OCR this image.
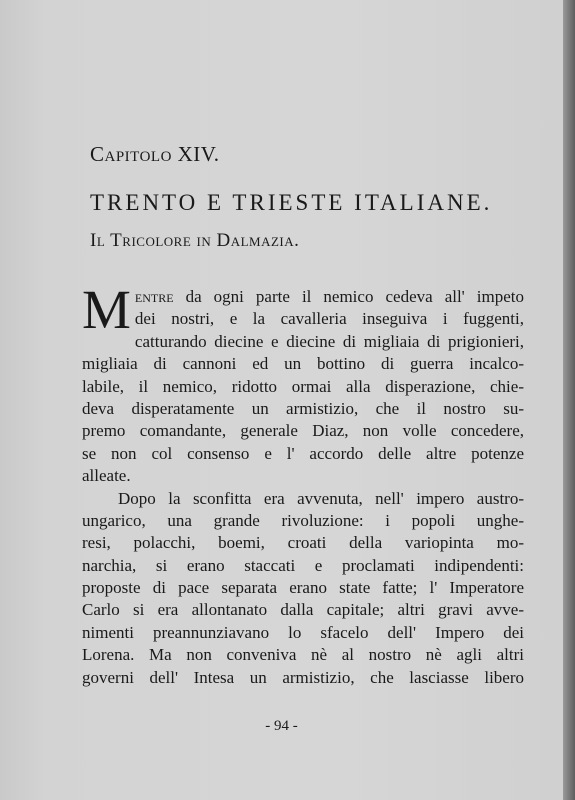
Capitolo XIV.
TRENTO E TRIESTE ITALIANE.
Il Tricolore in Dalmazia.
M entre da ogni parte il nemico cedeva all' impeto
dei nostri, e la cavalleria inseguiva i fuggenti,
catturando diecine e diecine di migliaia di prigionieri,
migliaia di cannoni ed un bottino di guerra incalco-
labile, il nemico, ridotto ormai alla disperazione, chie-
deva disperatamente un armistizio, che il nostro su-
premo comandante, generale Diaz, non volle concedere,
se non col consenso e l' accordo delle altre potenze
alleate.
Dopo la sconfitta era avvenuta, nell' impero austro-
ungarico, una grande rivoluzione: i popoli unghe-
resi, polacchi, boemi, croati della variopinta mo-
narchia, si erano staccati e proclamati indipendenti:
proposte di pace separata erano state fatte; l' Imperatore
Carlo si era allontanato dalla capitale; altri gravi avve-
nimenti preannunziavano lo sfacelo dell' Impero dei
Lorena. Ma non conveniva nè al nostro nè agli altri
governi dell' Intesa un armistizio, che lasciasse libero
- 94 -
